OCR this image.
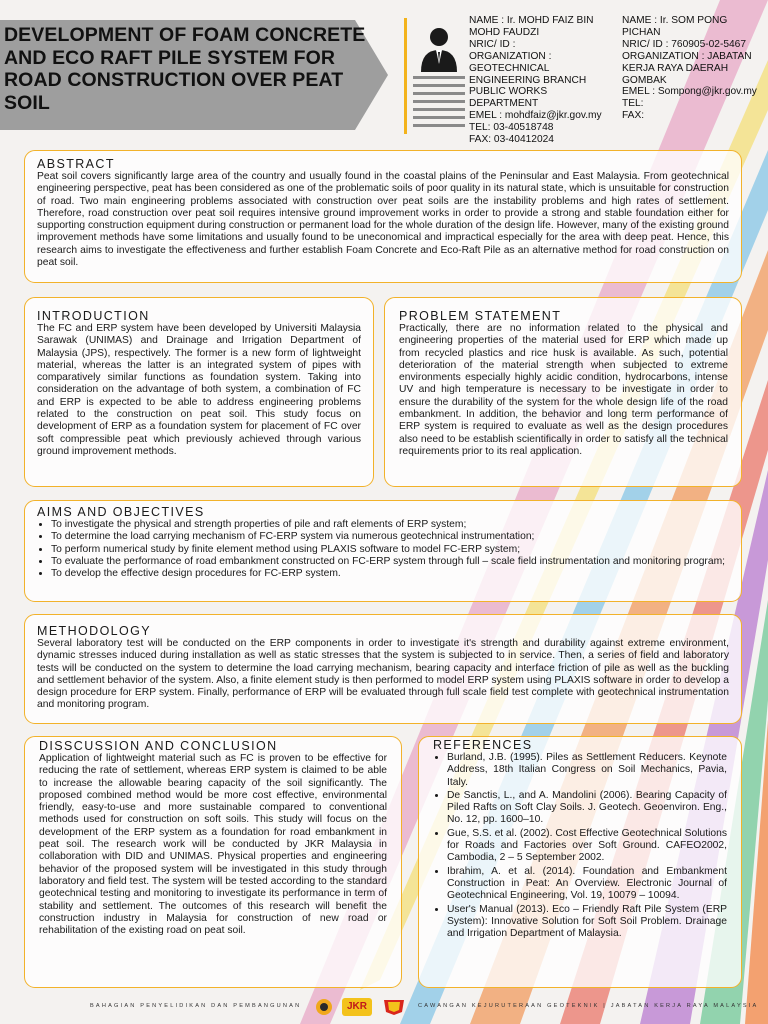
DEVELOPMENT OF FOAM CONCRETE AND ECO RAFT PILE SYSTEM FOR ROAD CONSTRUCTION OVER PEAT SOIL
NAME : Ir. MOHD FAIZ BIN
MOHD FAUDZI
NRIC/ ID :
ORGANIZATION :
GEOTECHNICAL
ENGINEERING BRANCH
PUBLIC WORKS
DEPARTMENT
EMEL : mohdfaiz@jkr.gov.my
TEL: 03-40518748
FAX: 03-40412024
NAME : Ir. SOM PONG
PICHAN
NRIC/ ID : 760905-02-5467
ORGANIZATION : JABATAN
KERJA RAYA DAERAH
GOMBAK
EMEL : Sompong@jkr.gov.my
TEL:
FAX:
ABSTRACT

Peat soil covers significantly large area of the country and usually found in the coastal plains of the Peninsular and East Malaysia. From geotechnical engineering perspective, peat has been considered as one of the problematic soils of poor quality in its natural state, which is unsuitable for construction of road. Two main engineering problems associated with construction over peat soils are the instability problems and high rates of settlement. Therefore, road construction over peat soil requires intensive ground improvement works in order to provide a strong and stable foundation either for supporting construction equipment during construction or permanent load for the whole duration of the design life. However, many of the existing ground improvement methods have some limitations and usually found to be uneconomical and impractical especially for the area with deep peat. Hence, this research aims to investigate the effectiveness and further establish Foam Concrete and Eco-Raft Pile as an alternative method for road construction on peat soil.

INTRODUCTION

The FC and ERP system have been developed by Universiti Malaysia Sarawak (UNIMAS) and Drainage and Irrigation Department of Malaysia (JPS), respectively. The former is a new form of lightweight material, whereas the latter is an integrated system of pipes with comparatively similar functions as foundation system. Taking into consideration on the advantage of both system, a combination of FC and ERP is expected to be able to address engineering problems related to the construction on peat soil. This study focus on development of ERP as a foundation system for placement of FC over soft compressible peat which previously achieved through various ground improvement methods.

PROBLEM STATEMENT

Practically, there are no information related to the physical and engineering properties of the material used for ERP which made up from recycled plastics and rice husk is available. As such, potential deterioration of the material strength when subjected to extreme environments especially highly acidic condition, hydrocarbons, intense UV and high temperature is necessary to be investigate in order to ensure the durability of the system for the whole design life of the road embankment. In addition, the behavior and long term performance of ERP system is required to evaluate as well as the design procedures also need to be establish scientifically in order to satisfy all the technical requirements prior to its real application.

AIMS AND OBJECTIVES
• To investigate the physical and strength properties of pile and raft elements of ERP system;
• To determine the load carrying mechanism of FC-ERP system via numerous geotechnical instrumentation;
• To perform numerical study by finite element method using PLAXIS software to model FC-ERP system;
• To evaluate the performance of road embankment constructed on FC-ERP system through full – scale field instrumentation and monitoring program;
• To develop the effective design procedures for FC-ERP system.
METHODOLOGY

Several laboratory test will be conducted on the ERP components in order to investigate it's strength and durability against extreme environment, dynamic stresses induced during installation as well as static stresses that the system is subjected to in service. Then, a series of field and laboratory tests will be conducted on the system to determine the load carrying mechanism, bearing capacity and interface friction of pile as well as the buckling and settlement behavior of the system. Also, a finite element study is then performed to model ERP system using PLAXIS software in order to develop a design procedure for ERP system. Finally, performance of ERP will be evaluated through full scale field test complete with geotechnical instrumentation and monitoring program.

DISSCUSSION AND CONCLUSION

Application of lightweight material such as FC is proven to be effective for reducing the rate of settlement, whereas ERP system is claimed to be able to increase the allowable bearing capacity of the soil significantly. The proposed combined method would be more cost effective, environmental friendly, easy-to-use and more sustainable compared to conventional methods used for construction on soft soils. This study will focus on the development of the ERP system as a foundation for road embankment in peat soil. The research work will be conducted by JKR Malaysia in collaboration with DID and UNIMAS. Physical properties and engineering behavior of the proposed system will be investigated in this study through laboratory and field test. The system will be tested according to the standard geotechnical testing and monitoring to investigate its performance in term of stability and settlement. The outcomes of this research will benefit the construction industry in Malaysia for construction of new road or rehabilitation of the existing road on peat soil.

REFERENCES
• Burland, J.B. (1995). Piles as Settlement Reducers. Keynote Address, 18th Italian Congress on Soil Mechanics, Pavia, Italy.
• De Sanctis, L., and A. Mandolini (2006). Bearing Capacity of Piled Rafts on Soft Clay Soils. J. Geotech. Geoenviron. Eng., No. 12, pp. 1600–10.
• Gue, S.S. et al. (2002). Cost Effective Geotechnical Solutions for Roads and Factories over Soft Ground. CAFEO2002, Cambodia, 2 – 5 September 2002.
• Ibrahim, A. et al. (2014). Foundation and Embankment Construction in Peat: An Overview. Electronic Journal of Geotechnical Engineering, Vol. 19, 10079 – 10094.
• User's Manual (2013). Eco – Friendly Raft Pile System (ERP System): Innovative Solution for Soft Soil Problem. Drainage and Irrigation Department of Malaysia.
BAHAGIAN PENYELIDIKAN DAN PEMBANGUNAN	JKR	CAWANGAN KEJURUTERAAN GEOTEKNIK | JABATAN KERJA RAYA MALAYSIA
